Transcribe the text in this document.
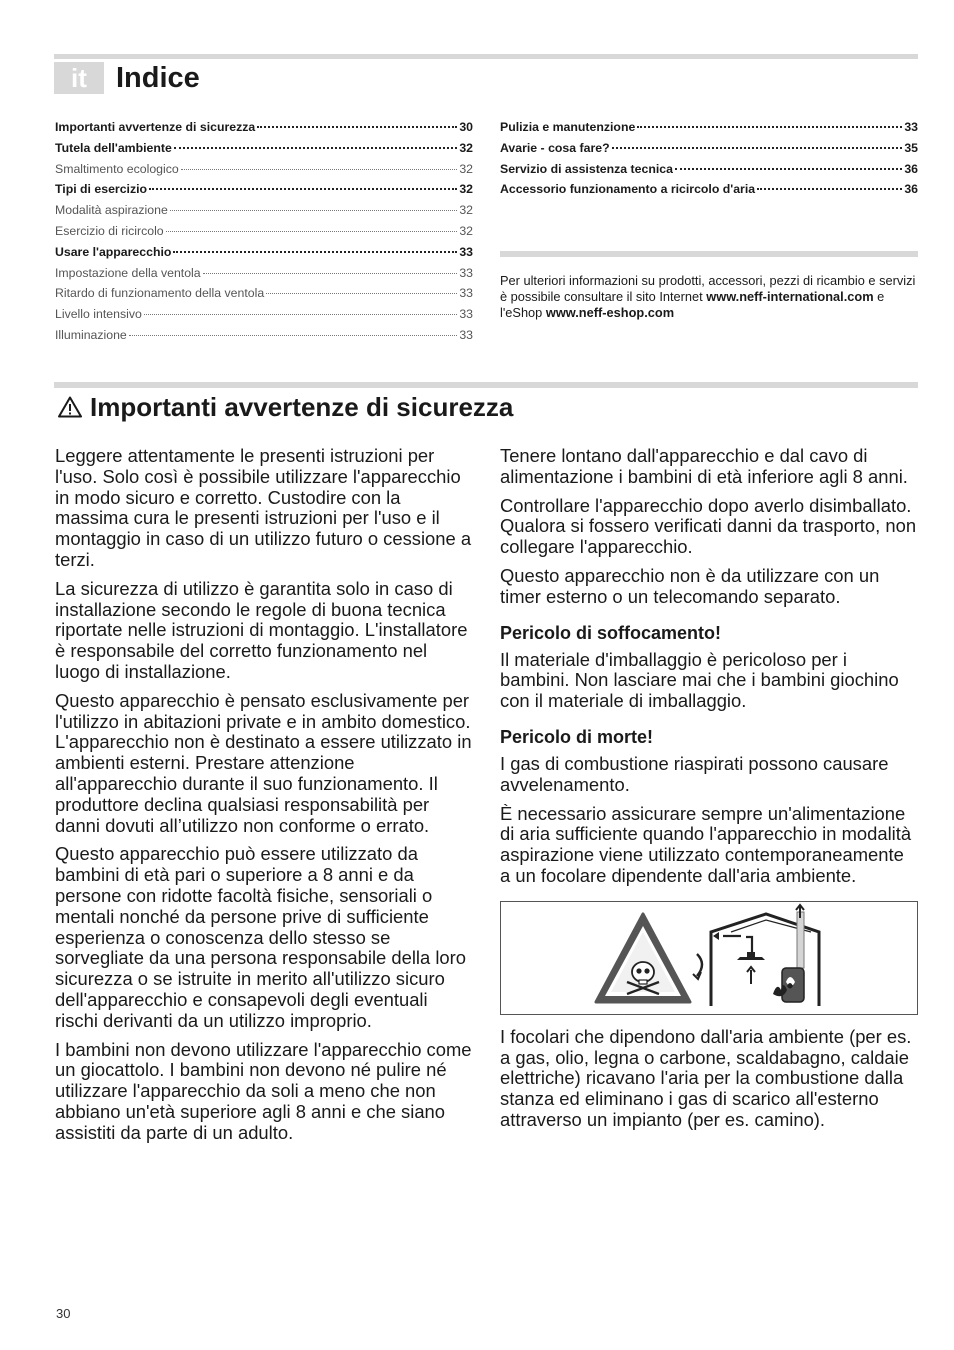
it	Indice
Importanti avvertenze di sicurezza	30
Tutela dell'ambiente	32
Smaltimento ecologico	32
Tipi di esercizio	32
Modalità aspirazione	32
Esercizio di ricircolo	32
Usare l'apparecchio	33
Impostazione della ventola	33
Ritardo di funzionamento della ventola	33
Livello intensivo	33
Illuminazione	33
Pulizia e manutenzione	33
Avarie - cosa fare?	35
Servizio di assistenza tecnica	36
Accessorio funzionamento a ricircolo d'aria	36
Per ulteriori informazioni su prodotti, accessori, pezzi di ricambio e servizi è possibile consultare il sito Internet www.neff-international.com e l'eShop www.neff-eshop.com
Importanti avvertenze di sicurezza

Leggere attentamente le presenti istruzioni per l'uso. Solo così è possibile utilizzare l'apparecchio in modo sicuro e corretto. Custodire con la massima cura le presenti istruzioni per l'uso e il montaggio in caso di un utilizzo futuro o cessione a terzi.

La sicurezza di utilizzo è garantita solo in caso di installazione secondo le regole di buona tecnica riportate nelle istruzioni di montaggio. L'installatore è responsabile del corretto funzionamento nel luogo di installazione.

Questo apparecchio è pensato esclusivamente per l'utilizzo in abitazioni private e in ambito domestico. L'apparecchio non è destinato a essere utilizzato in ambienti esterni. Prestare attenzione all'apparecchio durante il suo funzionamento. Il produttore declina qualsiasi responsabilità per danni dovuti all’utilizzo non conforme o errato.

Questo apparecchio può essere utilizzato da bambini di età pari o superiore a 8 anni e da persone con ridotte facoltà fisiche, sensoriali o mentali nonché da persone prive di sufficiente esperienza o conoscenza dello stesso se sorvegliate da una persona responsabile della loro sicurezza o se istruite in merito all'utilizzo sicuro dell'apparecchio e consapevoli degli eventuali rischi derivanti da un utilizzo improprio.

I bambini non devono utilizzare l'apparecchio come un giocattolo. I bambini non devono né pulire né utilizzare l'apparecchio da soli a meno che non abbiano un'età superiore agli 8 anni e che siano assistiti da parte di un adulto.

Tenere lontano dall'apparecchio e dal cavo di alimentazione i bambini di età inferiore agli 8 anni.

Controllare l'apparecchio dopo averlo disimballato. Qualora si fossero verificati danni da trasporto, non collegare l'apparecchio.

Questo apparecchio non è da utilizzare con un timer esterno o un telecomando separato.

Pericolo di soffocamento!

Il materiale d'imballaggio è pericoloso per i bambini. Non lasciare mai che i bambini giochino con il materiale di imballaggio.

Pericolo di morte!

I gas di combustione riaspirati possono causare avvelenamento.

È necessario assicurare sempre un'alimentazione di aria sufficiente quando l'apparecchio in modalità aspirazione viene utilizzato contemporaneamente a un focolare dipendente dall'aria ambiente.

I focolari che dipendono dall'aria ambiente (per es. a gas, olio, legna o carbone, scaldabagno, caldaie elettriche) ricavano l'aria per la combustione dalla stanza ed eliminano i gas di scarico all'esterno attraverso un impianto (per es. camino).

30
